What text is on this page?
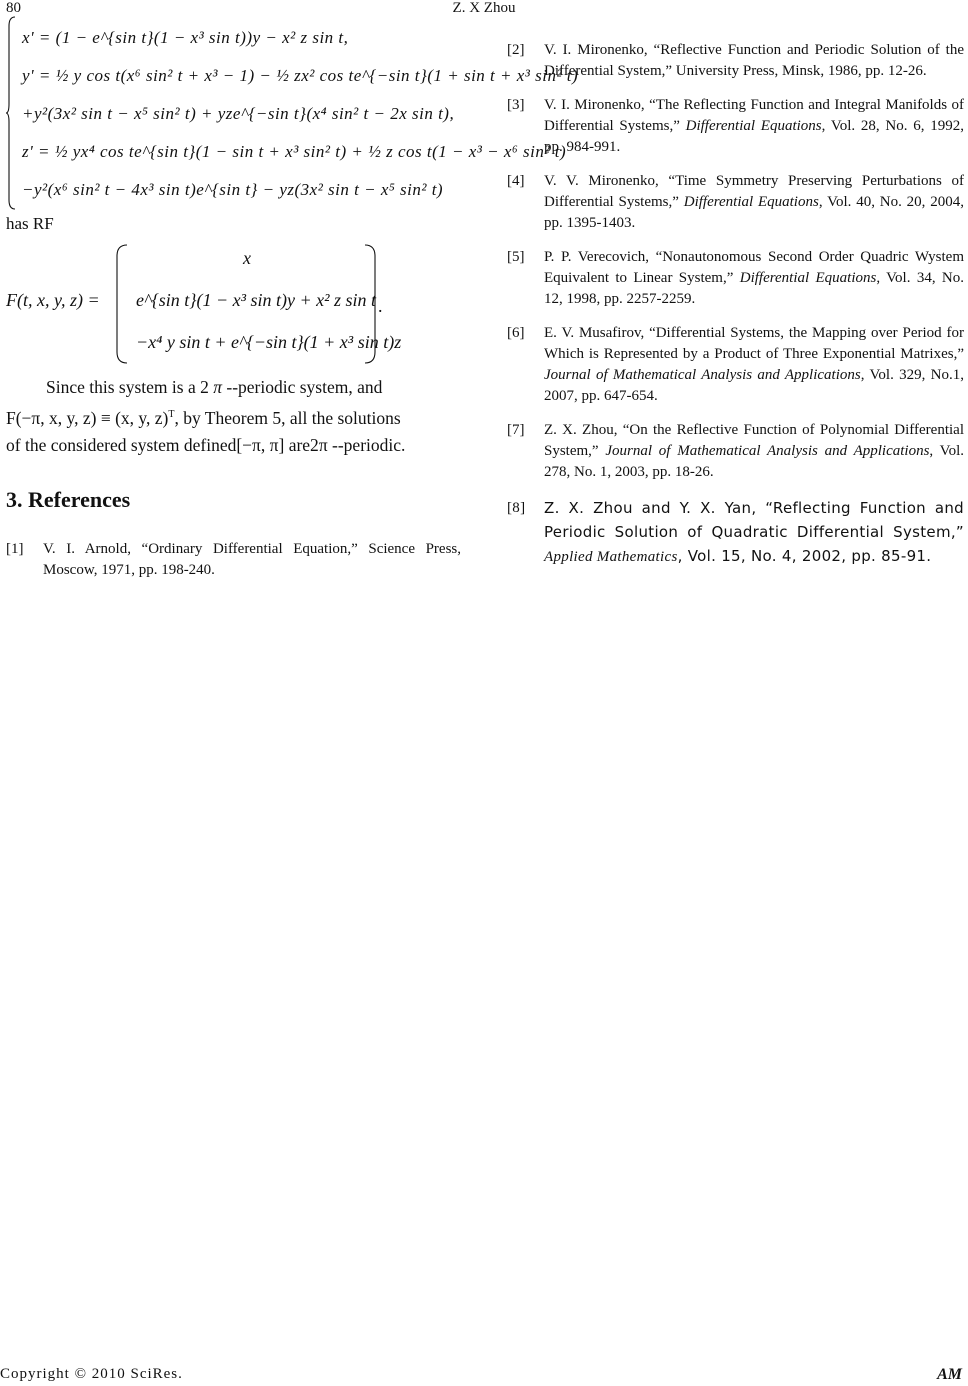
80	Z. X Zhou
x' = (1 − e^{sin t}(1 − x³ sin t))y − x² z sin t,
y' = ½ y cos t(x⁶ sin² t + x³ − 1) − ½ zx² cos te^{−sin t}(1 + sin t + x³ sin² t)
+y²(3x² sin t − x⁵ sin² t) + yze^{−sin t}(x⁴ sin² t − 2x sin t),
z' = ½ yx⁴ cos te^{sin t}(1 − sin t + x³ sin² t) + ½ z cos t(1 − x³ − x⁶ sin² t)
−y²(x⁶ sin² t − 4x³ sin t)e^{sin t} − yz(3x² sin t − x⁵ sin² t)
has RF
F(t, x, y, z) =
x
e^{sin t}(1 − x³ sin t)y + x² z sin t
−x⁴ y sin t + e^{−sin t}(1 + x³ sin t)z
.
Since this system is a 2 π --periodic system, and
F(−π, x, y, z) ≡ (x, y, z)$^T$, by Theorem 5, all the solutions
of the considered system defined[−π, π] are2π --periodic.
3. References
[1] V. I. Arnold, “Ordinary Differential Equation,” Science Press, Moscow, 1971, pp. 198-240.
[2] V. I. Mironenko, “Reflective Function and Periodic Solution of the Differential System,” University Press, Minsk, 1986, pp. 12-26.
[3] V. I. Mironenko, “The Reflecting Function and Integral Manifolds of Differential Systems,” Differential Equations, Vol. 28, No. 6, 1992, pp. 984-991.
[4] V. V. Mironenko, “Time Symmetry Preserving Perturbations of Differential Systems,” Differential Equations, Vol. 40, No. 20, 2004, pp. 1395-1403.
[5] P. P. Verecovich, “Nonautonomous Second Order Quadric Wystem Equivalent to Linear System,” Differential Equations, Vol. 34, No. 12, 1998, pp. 2257-2259.
[6] E. V. Musafirov, “Differential Systems, the Mapping over Period for Which is Represented by a Product of Three Exponential Matrixes,” Journal of Mathematical Analysis and Applications, Vol. 329, No.1, 2007, pp. 647-654.
[7] Z. X. Zhou, “On the Reflective Function of Polynomial Differential System,” Journal of Mathematical Analysis and Applications, Vol. 278, No. 1, 2003, pp. 18-26.
[8] Z. X. Zhou and Y. X. Yan, “Reflecting Function and Periodic Solution of Quadratic Differential System,” Applied Mathematics, Vol. 15, No. 4, 2002, pp. 85-91.
Copyright © 2010 SciRes.	AM
